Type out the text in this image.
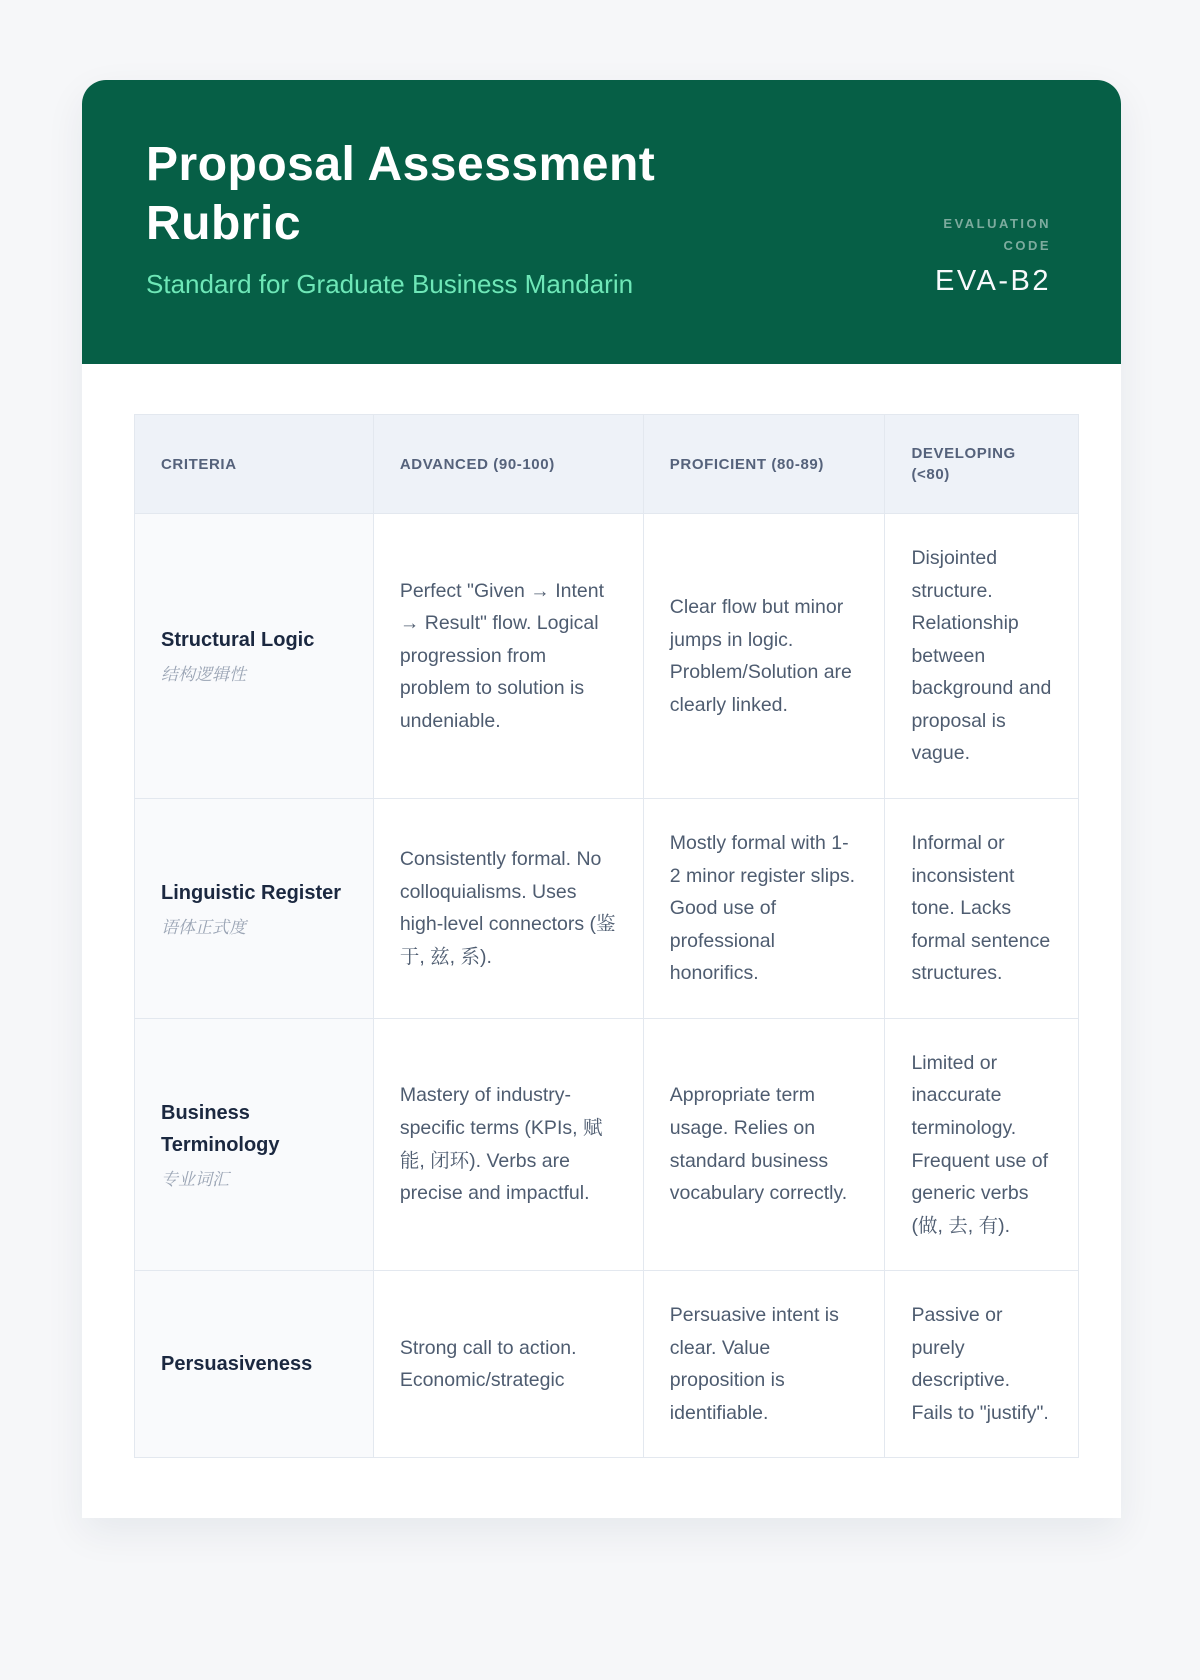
Proposal Assessment Rubric

Standard for Graduate Business Mandarin

EVALUATION
CODE
EVA-B2
CRITERIA	ADVANCED (90-100)	PROFICIENT (80-89)	DEVELOPING (<80)

Structural Logic
结构逻辑性	Perfect "Given → Intent → Result" flow. Logical progression from problem to solution is undeniable.	Clear flow but minor jumps in logic. Problem/Solution are clearly linked.	Disjointed structure. Relationship between background and proposal is vague.

Linguistic Register
语体正式度	Consistently formal. No colloquialisms. Uses high-level connectors (鉴于, 兹, 系).	Mostly formal with 1-2 minor register slips. Good use of professional honorifics.	Informal or inconsistent tone. Lacks formal sentence structures.

Business Terminology
专业词汇	Mastery of industry-specific terms (KPIs, 赋能, 闭环). Verbs are precise and impactful.	Appropriate term usage. Relies on standard business vocabulary correctly.	Limited or inaccurate terminology. Frequent use of generic verbs (做, 去, 有).

Persuasiveness	Strong call to action. Economic/strategic	Persuasive intent is clear. Value proposition is identifiable.	Passive or purely descriptive. Fails to "justify".
